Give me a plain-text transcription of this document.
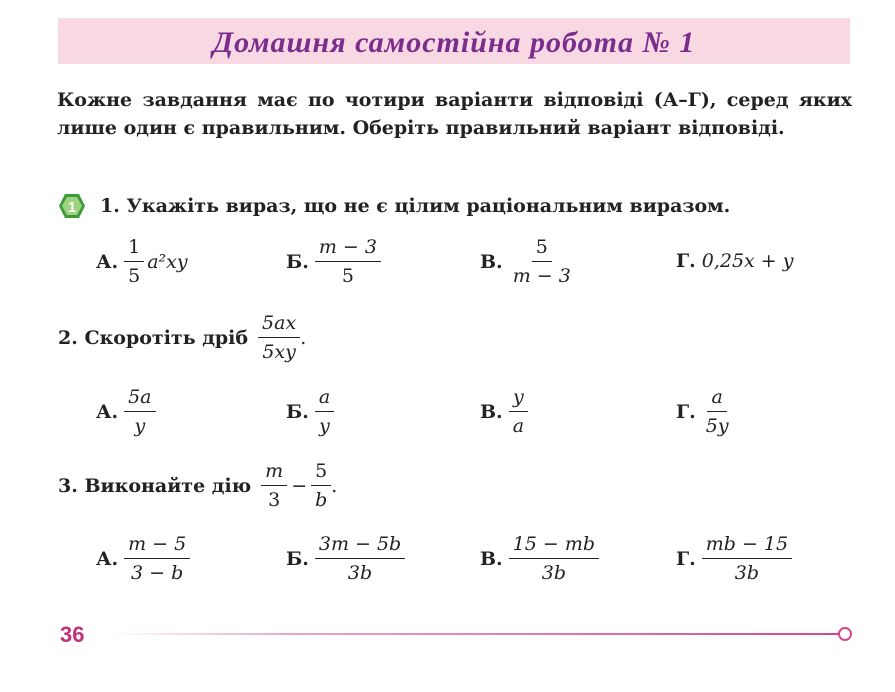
Домашня самостійна робота № 1
Кожне завдання має по чотири варіанти відповіді (А–Г), серед яких лише один є правильним. Оберіть правильний варіант відповіді.
1 1. Укажіть вираз, що не є цілим раціональним виразом.
А. $\frac{1}{5} a^2xy$	Б. $\frac{m - 3}{5}$	В. $\frac{5}{m - 3}$	Г. 0,25x + y
2. Скоротіть дріб $\frac{5ax}{5xy}$ .
А. $\frac{5a}{y}$	Б. $\frac{a}{y}$	В. $\frac{y}{a}$	Г. $\frac{a}{5y}$
3. Виконайте дію $\frac{m}{3} - \frac{5}{b}$ .
А. $\frac{m - 5}{3 - b}$	Б. $\frac{3m - 5b}{3b}$	В. $\frac{15 - mb}{3b}$	Г. $\frac{mb - 15}{3b}$
36
